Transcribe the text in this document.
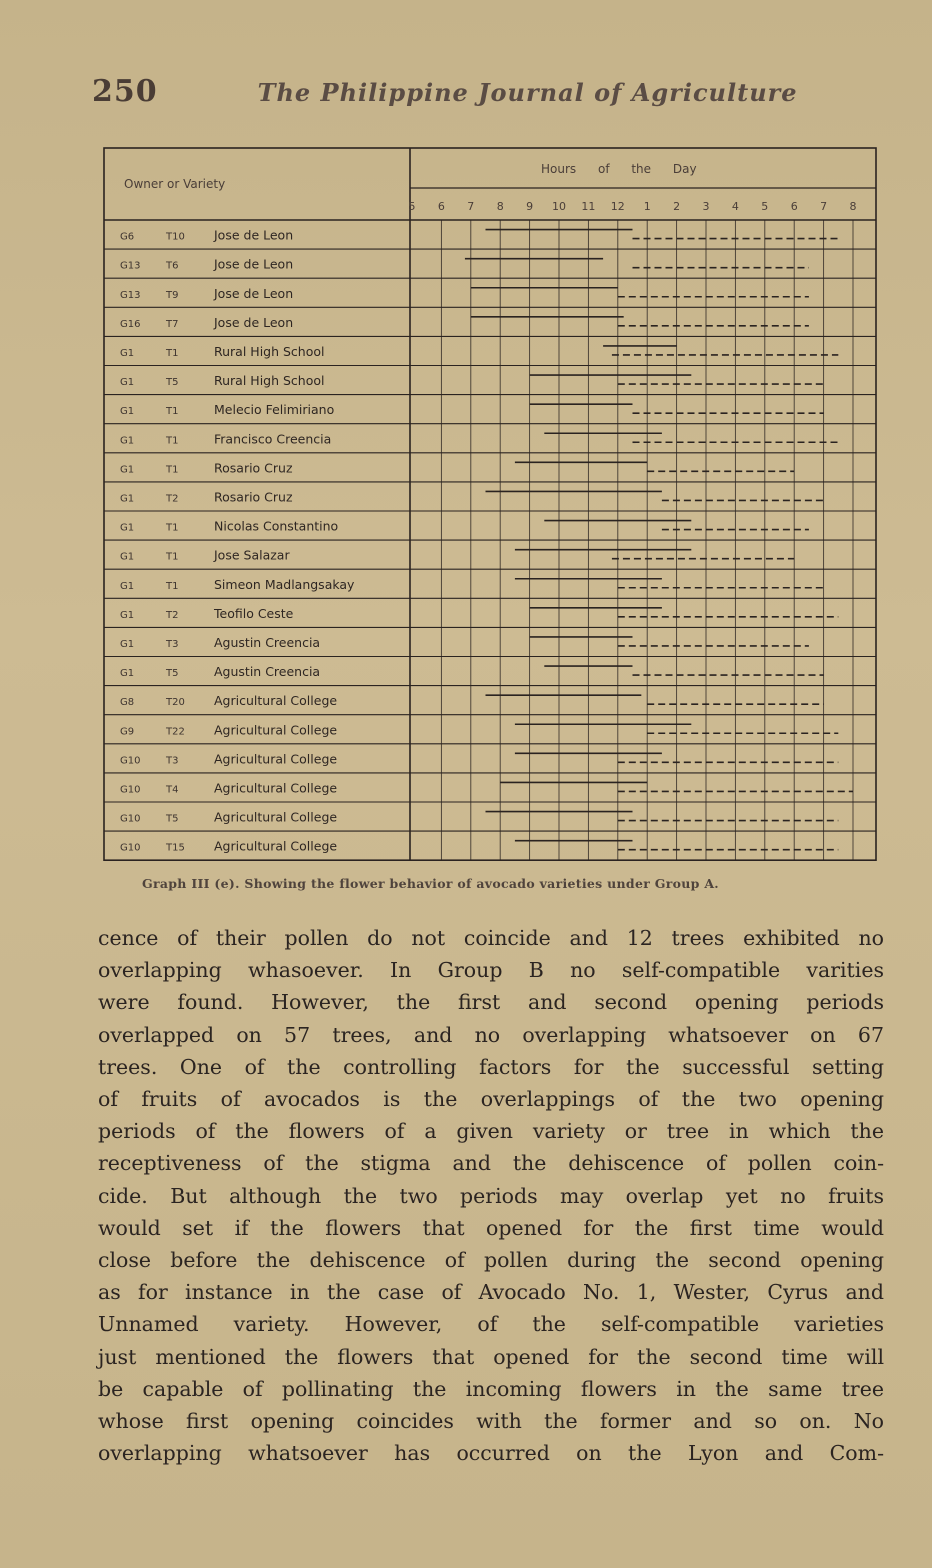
250	The Philippine Journal of Agriculture
Owner or Variety
Hours of the Day
5 6 7 8 9 10 11 12 1 2 3 4 5 6 7 8
G6	T10 Jose de Leon
G13	T6	Jose de Leon
G13	T9	Jose de Leon
G16	T7	Jose de Leon
G1	T1	Rural High School
G1	T5	Rural High School
G1	T1	Melecio Felimiriano
G1	T1	Francisco Creencia
G1	T1	Rosario Cruz
G1	T2	Rosario Cruz
G1	T1	Nicolas Constantino
G1	T1	Jose Salazar
G1	T1	Simeon Madlangsakay
G1	T2	Teofilo Ceste
G1	T3	Agustin Creencia
G1	T5	Agustin Creencia
G8	T20 Agricultural College
G9	T22 Agricultural College
G10	T3	Agricultural College
G10	T4	Agricultural College
G10	T5	Agricultural College
G10	T15 Agricultural College
Graph III (e). Showing the flower behavior of avocado varieties under Group A.
cence of their pollen do not coincide and 12 trees exhibited no
overlapping whasoever. In Group B no self-compatible varities
were found. However, the first and second opening periods
overlapped on 57 trees, and no overlapping whatsoever on 67
trees. One of the controlling factors for the successful setting
of fruits of avocados is the overlappings of the two opening
periods of the flowers of a given variety or tree in which the
receptiveness of the stigma and the dehiscence of pollen coin-
cide. But although the two periods may overlap yet no fruits
would set if the flowers that opened for the first time would
close before the dehiscence of pollen during the second opening
as for instance in the case of Avocado No. 1, Wester, Cyrus and
Unnamed variety. However, of the self-compatible varieties
just mentioned the flowers that opened for the second time will
be capable of pollinating the incoming flowers in the same tree
whose first opening coincides with the former and so on. No
overlapping whatsoever has occurred on the Lyon and Com-
